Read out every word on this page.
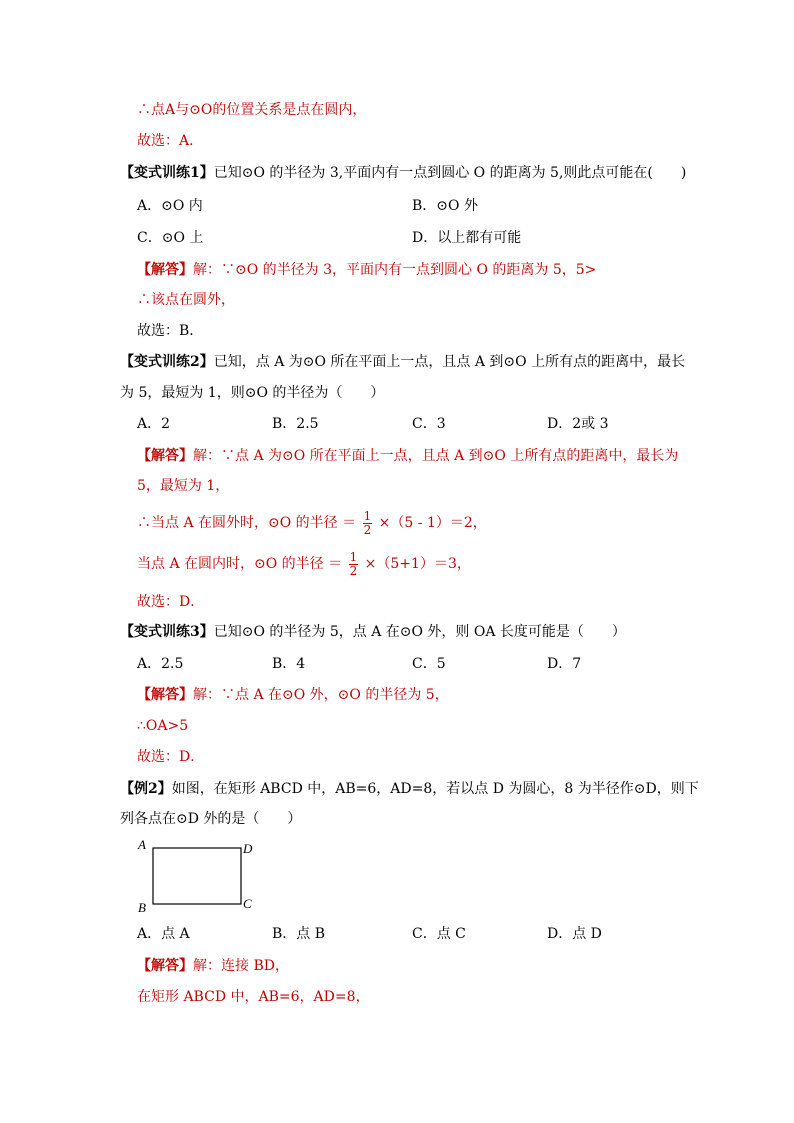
∴点A与⊙O的位置关系是点在圆内，
故选：A．
【变式训练1】已知⊙O 的半径为 3,平面内有一点到圆心 O 的距离为 5,则此点可能在(　　)
A．⊙O 内	B．⊙O 外
C．⊙O 上	D．以上都有可能
【解答】解：∵⊙O 的半径为 3，平面内有一点到圆心 O 的距离为 5，5>
∴该点在圆外，
故选：B．
【变式训练2】已知，点 A 为⊙O 所在平面上一点，且点 A 到⊙O 上所有点的距离中，最长
为 5，最短为 1，则⊙O 的半径为（　　）
A．2	B．2.5	C．3	D．2或 3
【解答】解：∵点 A 为⊙O 所在平面上一点，且点 A 到⊙O 上所有点的距离中，最长为
5，最短为 1，
∴当点 A 在圆外时，⊙O 的半径 ＝ $\frac{1}{2} \times(5 - 1)=2$，
当点 A 在圆内时，⊙O 的半径 ＝ $\frac{1}{2} \times(5+1)=3$，
故选：D．
【变式训练3】已知⊙O 的半径为 5，点 A 在⊙O 外，则 OA 长度可能是（　　）
A．2.5	B．4	C．5	D．7
【解答】解：∵点 A 在⊙O 外，⊙O 的半径为 5，
∴OA>5
故选：D．
【例2】如图，在矩形 ABCD 中，AB=6，AD=8，若以点 D 为圆心，8 为半径作⊙D，则下
列各点在⊙D 外的是（　　）
A	D
B	C
A．点 A	B．点 B	C．点 C	D．点 D
【解答】解：连接 BD，
在矩形 ABCD 中，AB=6，AD=8，
